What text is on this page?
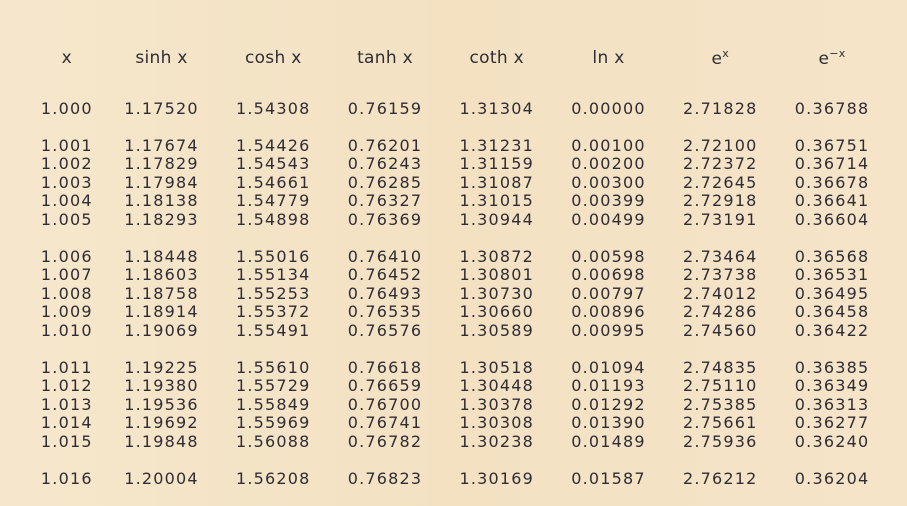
x	sinh x	cosh x	tanh x	coth x	ln x	$e^x$	$e^{-x}$

1.000	1.17520	1.54308	0.76159	1.31304	0.00000	2.71828	0.36788

1.001	1.17674	1.54426	0.76201	1.31231	0.00100	2.72100	0.36751
1.002	1.17829	1.54543	0.76243	1.31159	0.00200	2.72372	0.36714
1.003	1.17984	1.54661	0.76285	1.31087	0.00300	2.72645	0.36678
1.004	1.18138	1.54779	0.76327	1.31015	0.00399	2.72918	0.36641
1.005	1.18293	1.54898	0.76369	1.30944	0.00499	2.73191	0.36604

1.006	1.18448	1.55016	0.76410	1.30872	0.00598	2.73464	0.36568
1.007	1.18603	1.55134	0.76452	1.30801	0.00698	2.73738	0.36531
1.008	1.18758	1.55253	0.76493	1.30730	0.00797	2.74012	0.36495
1.009	1.18914	1.55372	0.76535	1.30660	0.00896	2.74286	0.36458
1.010	1.19069	1.55491	0.76576	1.30589	0.00995	2.74560	0.36422

1.011	1.19225	1.55610	0.76618	1.30518	0.01094	2.74835	0.36385
1.012	1.19380	1.55729	0.76659	1.30448	0.01193	2.75110	0.36349
1.013	1.19536	1.55849	0.76700	1.30378	0.01292	2.75385	0.36313
1.014	1.19692	1.55969	0.76741	1.30308	0.01390	2.75661	0.36277
1.015	1.19848	1.56088	0.76782	1.30238	0.01489	2.75936	0.36240

1.016	1.20004	1.56208	0.76823	1.30169	0.01587	2.76212	0.36204
